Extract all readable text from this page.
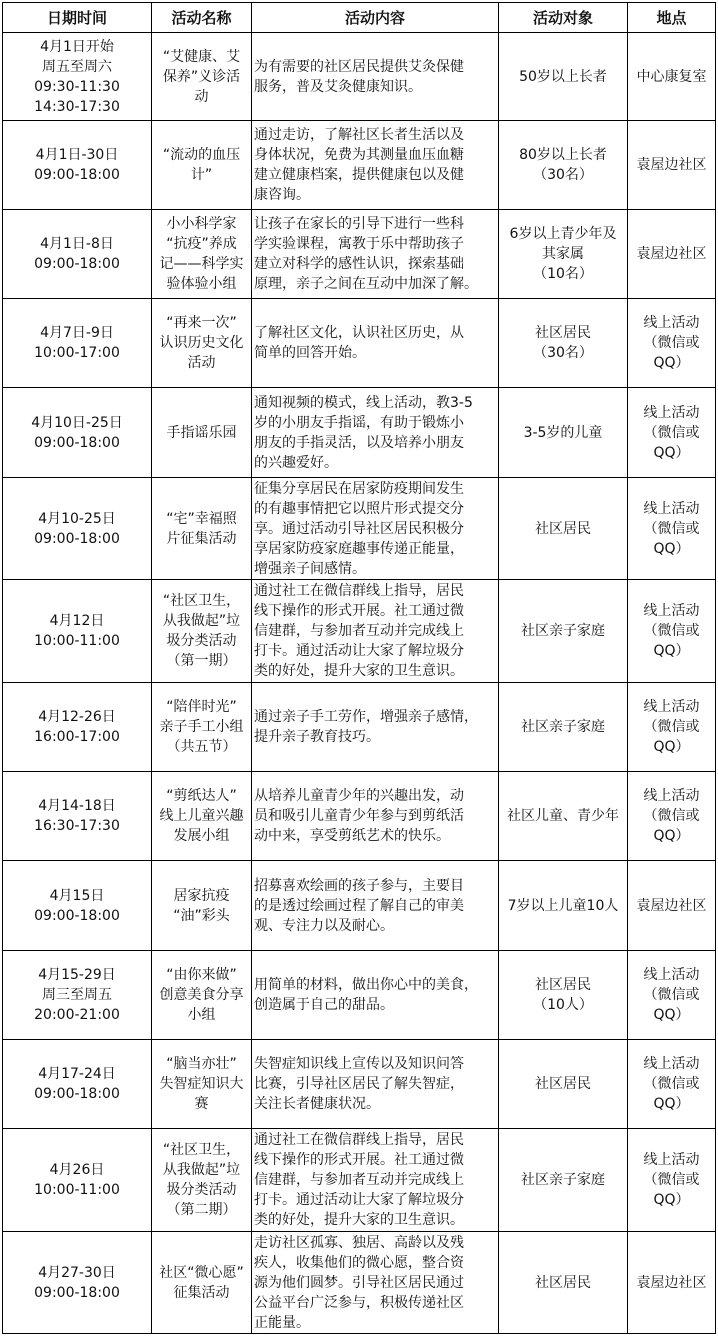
日期时间	活动名称	活动内容	活动对象	地点

4月1日开始
周五至周六
09:30-11:30
14:30-17:30	“艾健康、艾
保养”义诊活
动	为有需要的社区居民提供艾灸保健
服务，普及艾灸健康知识。	50岁以上长者	中心康复室

4月1日-30日
09:00-18:00	“流动的血压
计”	通过走访，了解社区长者生活以及
身体状况，免费为其测量血压血糖
建立健康档案，提供健康包以及健
康咨询。	80岁以上长者
（30名）	袁屋边社区

4月1日-8日
09:00-18:00	小小科学家
“抗疫”养成
记——科学实
验体验小组	让孩子在家长的引导下进行一些科
学实验课程，寓教于乐中帮助孩子
建立对科学的感性认识，探索基础
原理，亲子之间在互动中加深了解。	6岁以上青少年及
其家属
（10名）	袁屋边社区

4月7日-9日
10:00-17:00	“再来一次”
认识历史文化
活动	了解社区文化，认识社区历史，从
简单的回答开始。	社区居民
（30名）	线上活动
（微信或
QQ）

4月10日-25日
09:00-18:00	手指谣乐园	通知视频的模式，线上活动，教3-5
岁的小朋友手指谣，有助于锻炼小
朋友的手指灵活，以及培养小朋友
的兴趣爱好。	3-5岁的儿童	线上活动
（微信或
QQ）

4月10-25日
09:00-18:00	“宅”幸福照
片征集活动	征集分享居民在居家防疫期间发生
的有趣事情把它以照片形式提交分
享。通过活动引导社区居民积极分
享居家防疫家庭趣事传递正能量，
增强亲子间感情。	社区居民	线上活动
（微信或
QQ）

4月12日
10:00-11:00	“社区卫生，
从我做起”垃
圾分类活动
（第一期）	通过社工在微信群线上指导，居民
线下操作的形式开展。社工通过微
信建群，与参加者互动并完成线上
打卡。通过活动让大家了解垃圾分
类的好处，提升大家的卫生意识。	社区亲子家庭	线上活动
（微信或
QQ）

4月12-26日
16:00-17:00	“陪伴时光”
亲子手工小组
（共五节）	通过亲子手工劳作，增强亲子感情，
提升亲子教育技巧。	社区亲子家庭	线上活动
（微信或
QQ）

4月14-18日
16:30-17:30	“剪纸达人”
线上儿童兴趣
发展小组	从培养儿童青少年的兴趣出发，动
员和吸引儿童青少年参与到剪纸活
动中来，享受剪纸艺术的快乐。	社区儿童、青少年	线上活动
（微信或
QQ）

4月15日
09:00-18:00	居家抗疫
“油”彩头	招募喜欢绘画的孩子参与，主要目
的是透过绘画过程了解自己的审美
观、专注力以及耐心。	7岁以上儿童10人	袁屋边社区

4月15-29日
周三至周五
20:00-21:00	“由你来做”
创意美食分享
小组	用简单的材料，做出你心中的美食，
创造属于自己的甜品。	社区居民
（10人）	线上活动
（微信或
QQ）

4月17-24日
09:00-18:00	“脑当亦壮”
失智症知识大
赛	失智症知识线上宣传以及知识问答
比赛，引导社区居民了解失智症，
关注长者健康状况。	社区居民	线上活动
（微信或
QQ）

4月26日
10:00-11:00	“社区卫生，
从我做起”垃
圾分类活动
（第二期）	通过社工在微信群线上指导，居民
线下操作的形式开展。社工通过微
信建群，与参加者互动并完成线上
打卡。通过活动让大家了解垃圾分
类的好处，提升大家的卫生意识。	社区亲子家庭	线上活动
（微信或
QQ）

4月27-30日
09:00-18:00	社区“微心愿”
征集活动	走访社区孤寡、独居、高龄以及残
疾人，收集他们的微心愿，整合资
源为他们圆梦。引导社区居民通过
公益平台广泛参与，积极传递社区
正能量。	社区居民	袁屋边社区
